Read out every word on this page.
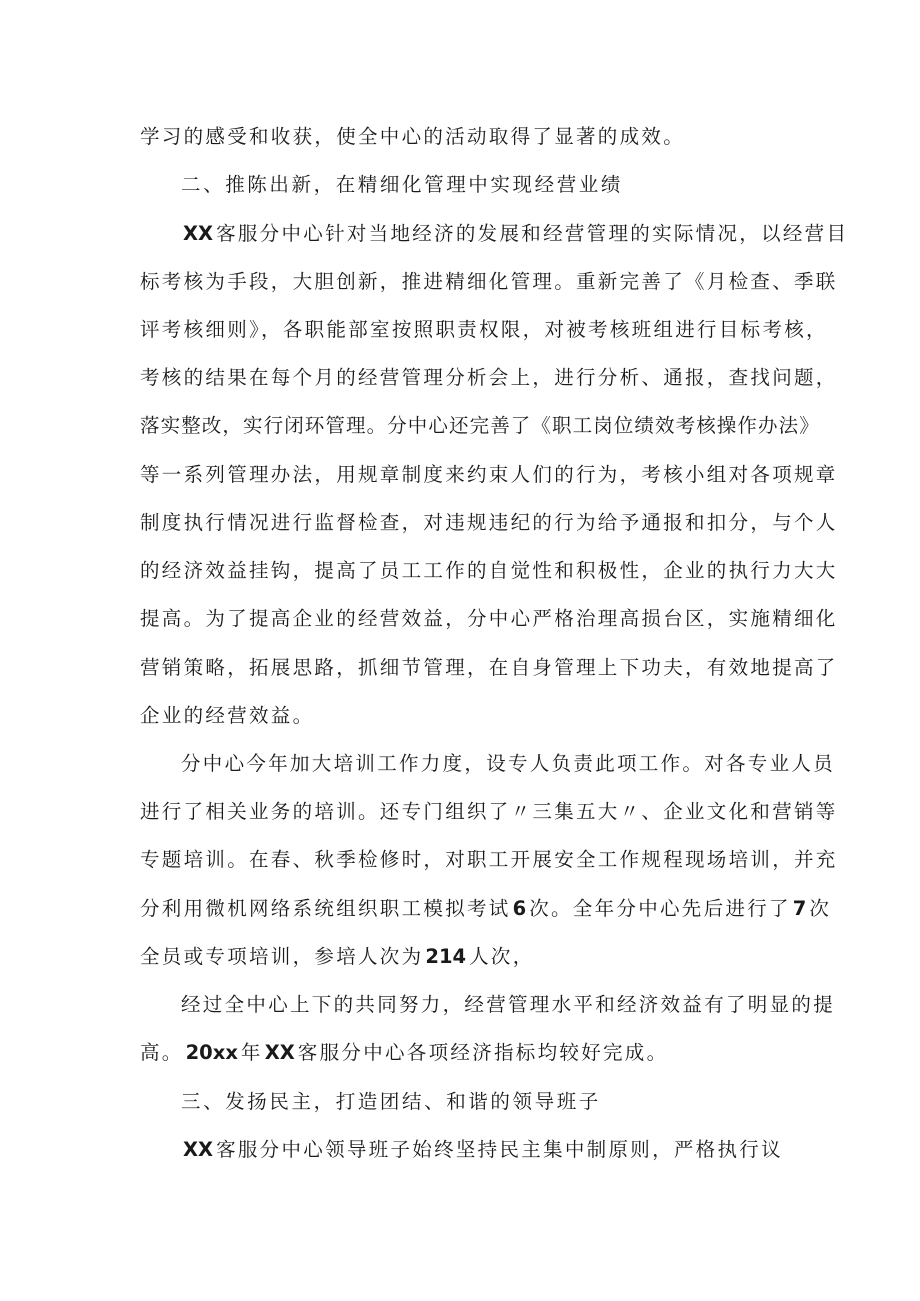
学习的感受和收获，使全中心的活动取得了显著的成效。
二、推陈出新，在精细化管理中实现经营业绩
XX 客服分中心针对当地经济的发展和经营管理的实际情况，以经营目
标考核为手段，大胆创新，推进精细化管理。重新完善了《月检查、季联
评考核细则》，各职能部室按照职责权限，对被考核班组进行目标考核，
考核的结果在每个月的经营管理分析会上，进行分析、通报，查找问题，
落实整改，实行闭环管理。分中心还完善了《职工岗位绩效考核操作办法》
等一系列管理办法，用规章制度来约束人们的行为，考核小组对各项规章
制度执行情况进行监督检查，对违规违纪的行为给予通报和扣分，与个人
的经济效益挂钩，提高了员工工作的自觉性和积极性，企业的执行力大大
提高。为了提高企业的经营效益，分中心严格治理高损台区，实施精细化
营销策略，拓展思路，抓细节管理，在自身管理上下功夫，有效地提高了
企业的经营效益。
分中心今年加大培训工作力度，设专人负责此项工作。对各专业人员
进行了相关业务的培训。还专门组织了〃三集五大〃、企业文化和营销等
专题培训。在春、秋季检修时，对职工开展安全工作规程现场培训，并充
分利用微机网络系统组织职工模拟考试 6 次。全年分中心先后进行了 7 次
全员或专项培训，参培人次为 214 人次，
经过全中心上下的共同努力，经营管理水平和经济效益有了明显的提
高。 20xx 年 XX 客服分中心各项经济指标均较好完成。
三、发扬民主，打造团结、和谐的领导班子
XX 客服分中心领导班子始终坚持民主集中制原则，严格执行议
